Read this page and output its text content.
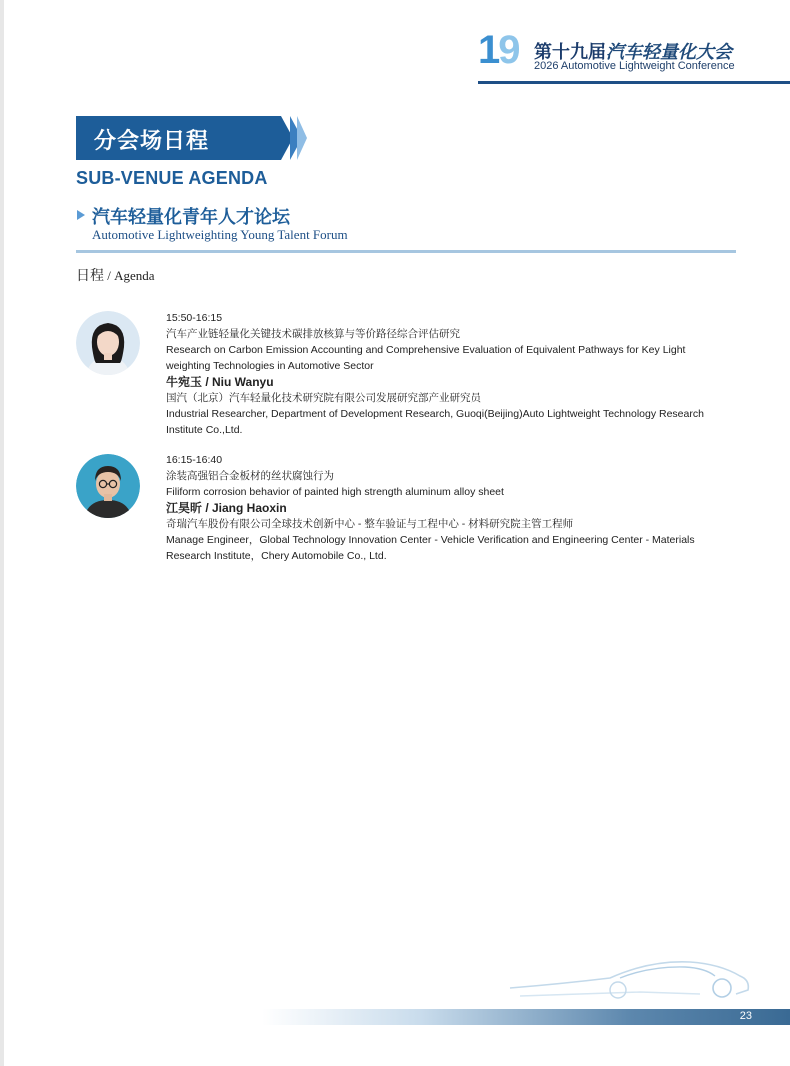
19 第十九届汽车轻量化大会
2026 Automotive Lightweight Conference
分会场日程
SUB-VENUE AGENDA
汽车轻量化青年人才论坛
Automotive Lightweighting Young Talent Forum
日程 / Agenda
15:50-16:15
汽车产业链轻量化关键技术碳排放核算与等价路径综合评估研究
Research on Carbon Emission Accounting and Comprehensive Evaluation of Equivalent Pathways for Key Light
weighting Technologies in Automotive Sector
牛宛玉 / Niu Wanyu
国汽（北京）汽车轻量化技术研究院有限公司发展研究部产业研究员
Industrial Researcher, Department of Development Research, Guoqi(Beijing)Auto Lightweight Technology Research
Institute Co.,Ltd.
16:15-16:40
涂装高强铝合金板材的丝状腐蚀行为
Filiform corrosion behavior of painted high strength aluminum alloy sheet
江昊昕 / Jiang Haoxin
奇瑞汽车股份有限公司全球技术创新中心 - 整车验证与工程中心 - 材料研究院主管工程师
Manage Engineer，Global Technology Innovation Center - Vehicle Verification and Engineering Center - Materials
Research Institute，Chery Automobile Co., Ltd.
23
